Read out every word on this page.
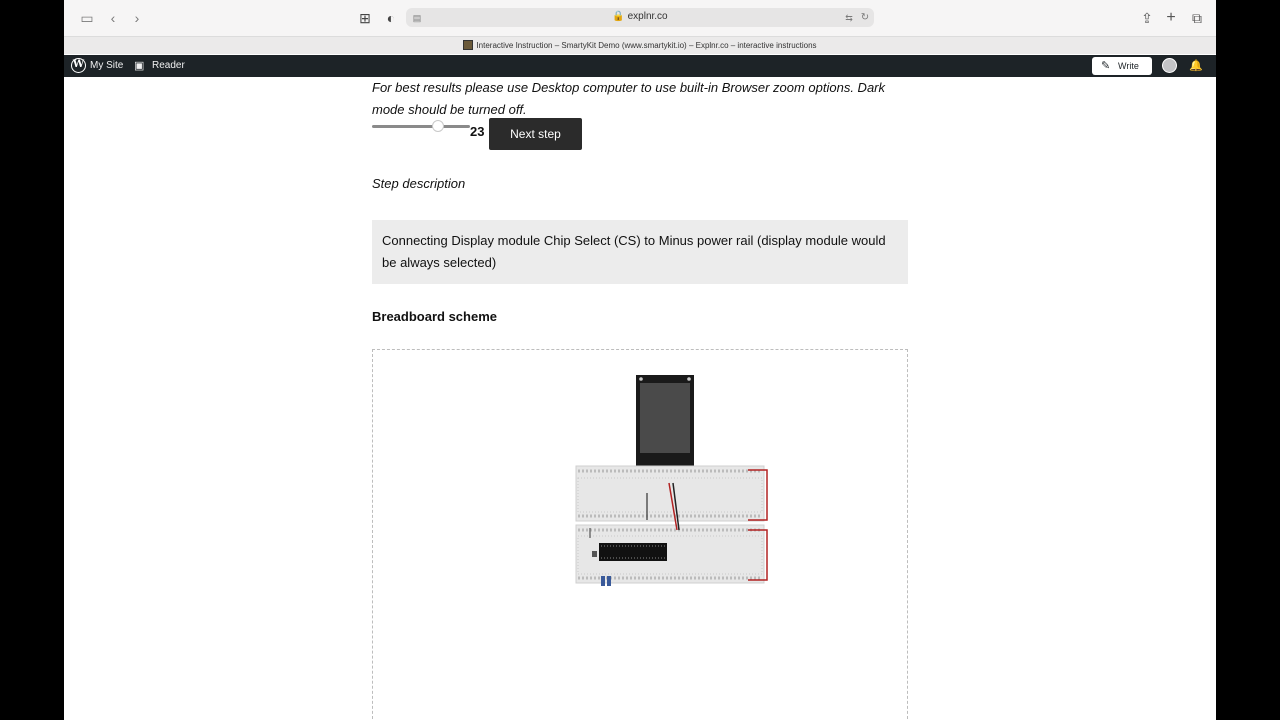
▭	‹	›	⊞	◐	▤	🔒 explnr.co	⇆ ↻	⇪ +	⧉
Interactive Instruction – SmartyKit Demo (www.smartykit.io) – Explnr.co – interactive instructions
W My Site ▣ Reader	✎ Write	🔔

For best results please use Desktop computer to use built-in Browser zoom options. Dark mode should be turned off.

23	Next step

Step description

Connecting Display module Chip Select (CS) to Minus power rail (display module would be always selected)

Breadboard scheme
